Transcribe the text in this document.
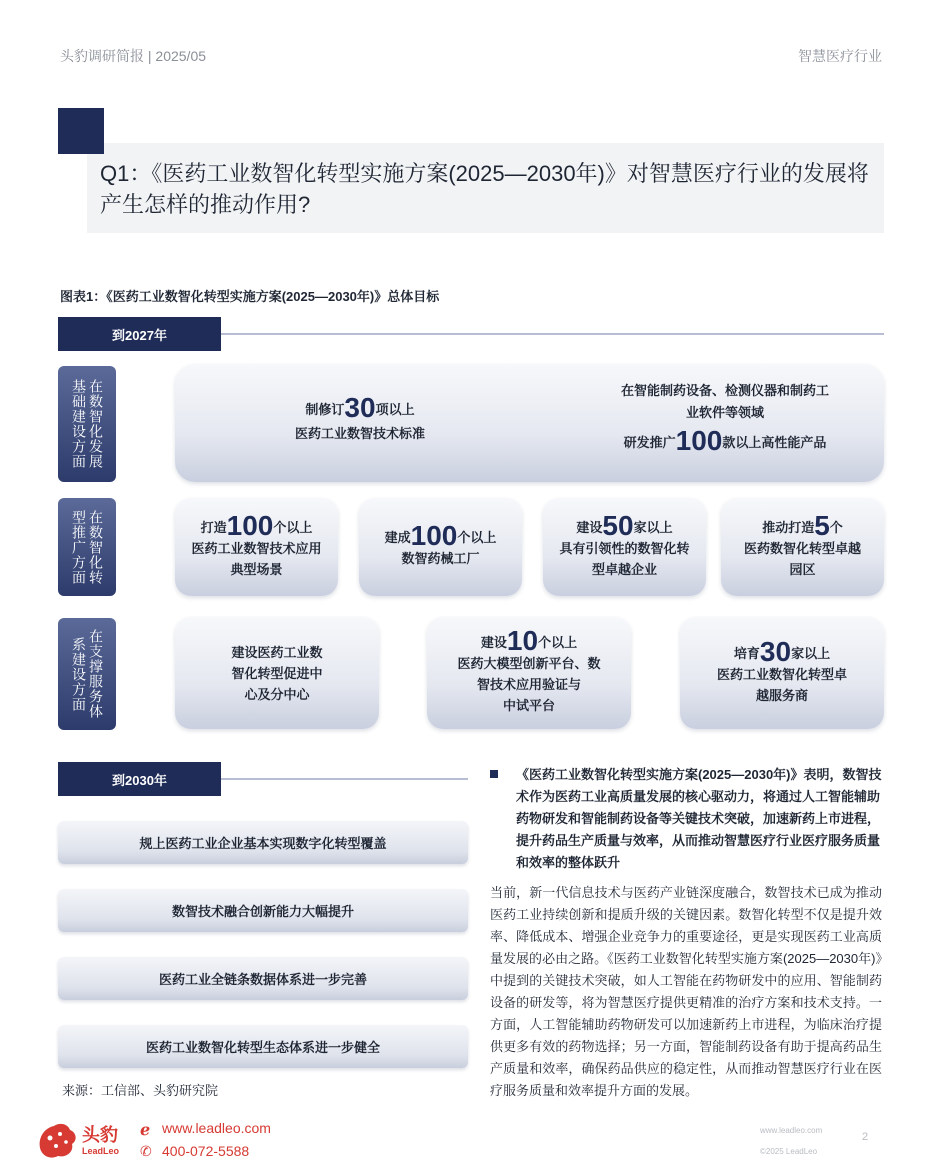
头豹调研简报 | 2025/05	智慧医疗行业
Q1：《医药工业数智化转型实施方案(2025—2030年)》对智慧医疗行业的发展将产生怎样的推动作用?
图表1：《医药工业数智化转型实施方案(2025—2030年)》总体目标
到2027年
在数智化发展
基础建设方面	制修订30项以上
医药工业数智技术标准
在智能制药设备、检测仪器和制药工
业软件等领域
研发推广100款以上高性能产品
在数智化转
型推广方面	打造100个以上
医药工业数智技术应用
典型场景
建成100个以上
数智药械工厂
建设50家以上
具有引领性的数智化转
型卓越企业
推动打造5个
医药数智化转型卓越
园区
在支撑服务体
系建设方面	建设医药工业数
智化转型促进中
心及分中心
建设10个以上
医药大模型创新平台、数
智技术应用验证与
中试平台
培育30家以上
医药工业数智化转型卓
越服务商
到2030年
规上医药工业企业基本实现数字化转型覆盖
数智技术融合创新能力大幅提升
医药工业全链条数据体系进一步完善
医药工业数智化转型生态体系进一步健全
来源：工信部、头豹研究院
《医药工业数智化转型实施方案(2025—2030年)》表明，数智技术作为医药工业高质量发展的核心驱动力，将通过人工智能辅助药物研发和智能制药设备等关键技术突破，加速新药上市进程，提升药品生产质量与效率，从而推动智慧医疗行业医疗服务质量和效率的整体跃升
当前，新一代信息技术与医药产业链深度融合，数智技术已成为推动医药工业持续创新和提质升级的关键因素。数智化转型不仅是提升效率、降低成本、增强企业竞争力的重要途径，更是实现医药工业高质量发展的必由之路。《医药工业数智化转型实施方案(2025—2030年)》中提到的关键技术突破，如人工智能在药物研发中的应用、智能制药设备的研发等，将为智慧医疗提供更精准的治疗方案和技术支持。一方面，人工智能辅助药物研发可以加速新药上市进程，为临床治疗提供更多有效的药物选择；另一方面，智能制药设备有助于提高药品生产质量和效率，确保药品供应的稳定性，从而推动智慧医疗行业在医疗服务质量和效率提升方面的发展。
头豹
LeadLeo
ℯ
✆
www.leadleo.com
400-072-5588
www.leadleo.com
©2025 LeadLeo
2
